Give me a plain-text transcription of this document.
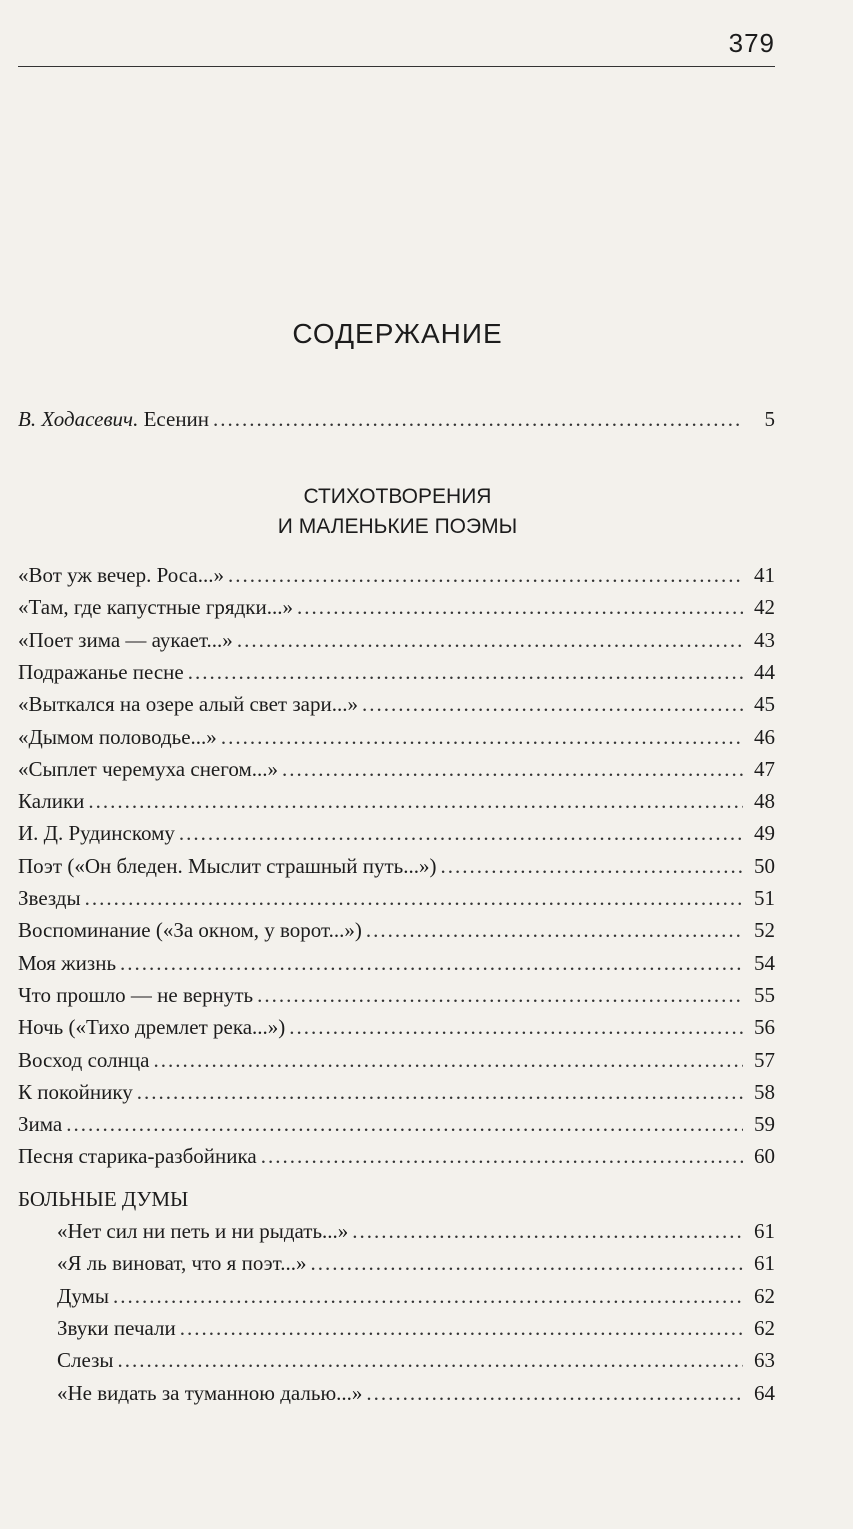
379
СОДЕРЖАНИЕ
В. Ходасевич. Есенин .....	5
СТИХОТВОРЕНИЯ
И МАЛЕНЬКИЕ ПОЭМЫ
«Вот уж вечер. Роса...» .....	41
«Там, где капустные грядки...» .....	42
«Поет зима — аукает...» .....	43
Подражанье песне .....	44
«Выткался на озере алый свет зари...» .....	45
«Дымом половодье...» .....	46
«Сыплет черемуха снегом...» .....	47
Калики .....	48
И. Д. Рудинскому .....	49
Поэт («Он бледен. Мыслит страшный путь...») .....	50
Звезды .....	51
Воспоминание («За окном, у ворот...») .....	52
Моя жизнь .....	54
Что прошло — не вернуть .....	55
Ночь («Тихо дремлет река...») .....	56
Восход солнца .....	57
К покойнику .....	58
Зима .....	59
Песня старика-разбойника .....	60
БОЛЬНЫЕ ДУМЫ
«Нет сил ни петь и ни рыдать...» .....	61
«Я ль виноват, что я поэт...» .....	61
Думы .....	62
Звуки печали .....	62
Слезы .....	63
«Не видать за туманною далью...» .....	64
